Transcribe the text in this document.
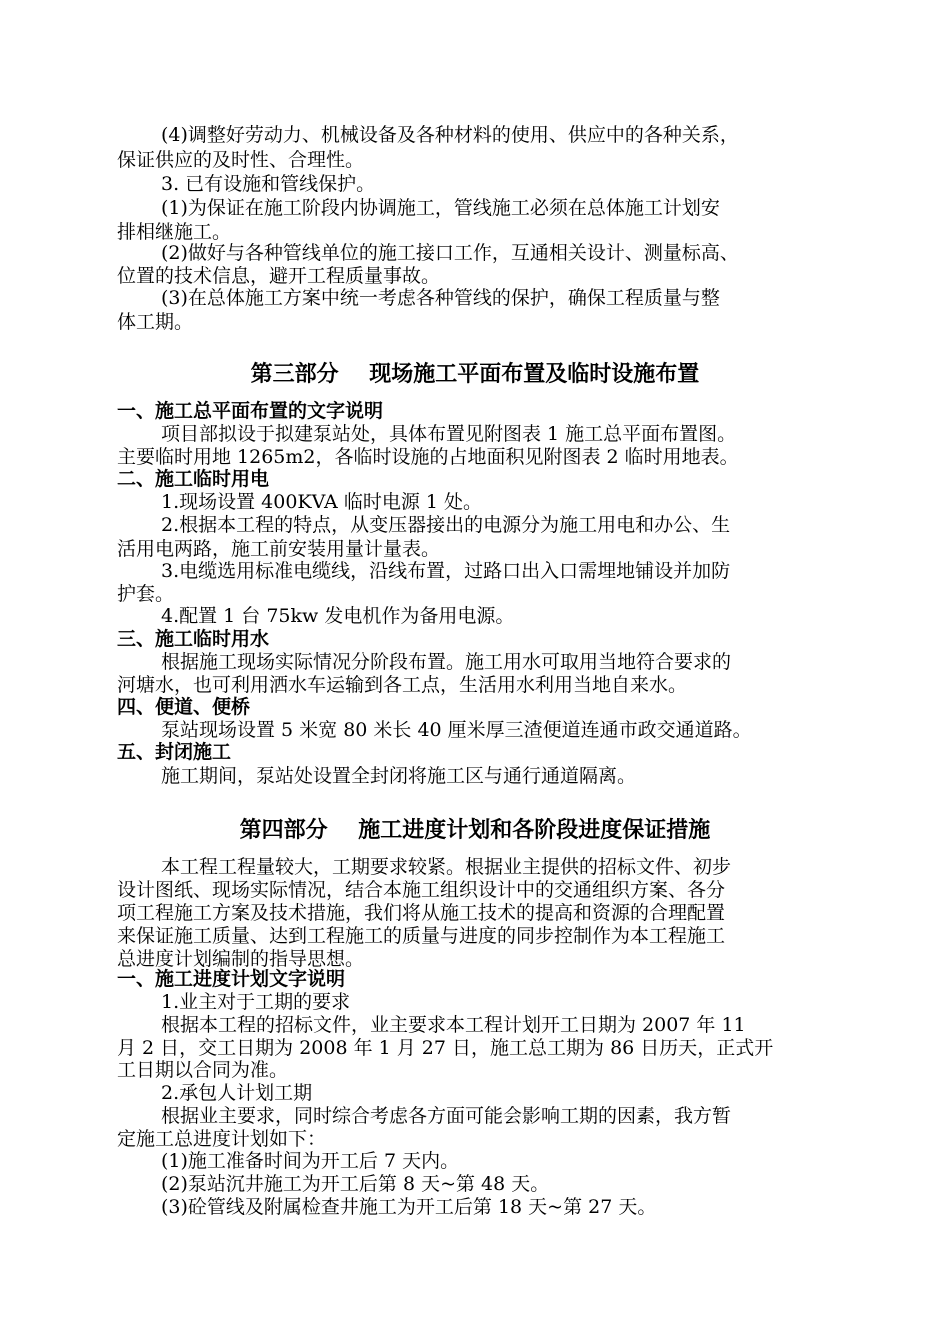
(4)调整好劳动力、机械设备及各种材料的使用、供应中的各种关系，
保证供应的及时性、合理性。
3. 已有设施和管线保护。
(1)为保证在施工阶段内协调施工，管线施工必须在总体施工计划安
排相继施工。
(2)做好与各种管线单位的施工接口工作，互通相关设计、测量标高、
位置的技术信息，避开工程质量事故。
(3)在总体施工方案中统一考虑各种管线的保护，确保工程质量与整
体工期。
第三部分    现场施工平面布置及临时设施布置
一、施工总平面布置的文字说明
项目部拟设于拟建泵站处，具体布置见附图表 1 施工总平面布置图。
主要临时用地 1265m2，各临时设施的占地面积见附图表 2 临时用地表。
二、施工临时用电
1.现场设置 400KVA 临时电源 1 处。
2.根据本工程的特点，从变压器接出的电源分为施工用电和办公、生
活用电两路，施工前安装用量计量表。
3.电缆选用标准电缆线，沿线布置，过路口出入口需埋地铺设并加防
护套。
4.配置 1 台 75kw 发电机作为备用电源。
三、施工临时用水
根据施工现场实际情况分阶段布置。施工用水可取用当地符合要求的
河塘水，也可利用洒水车运输到各工点，生活用水利用当地自来水。
四、便道、便桥
泵站现场设置 5 米宽 80 米长 40 厘米厚三渣便道连通市政交通道路。
五、封闭施工
施工期间，泵站处设置全封闭将施工区与通行通道隔离。
第四部分    施工进度计划和各阶段进度保证措施
本工程工程量较大，工期要求较紧。根据业主提供的招标文件、初步
设计图纸、现场实际情况，结合本施工组织设计中的交通组织方案、各分
项工程施工方案及技术措施，我们将从施工技术的提高和资源的合理配置
来保证施工质量、达到工程施工的质量与进度的同步控制作为本工程施工
总进度计划编制的指导思想。
一、施工进度计划文字说明
1.业主对于工期的要求
根据本工程的招标文件，业主要求本工程计划开工日期为 2007 年 11
月 2 日，交工日期为 2008 年 1 月 27 日，施工总工期为 86 日历天，正式开
工日期以合同为准。
2.承包人计划工期
根据业主要求，同时综合考虑各方面可能会影响工期的因素，我方暂
定施工总进度计划如下：
(1)施工准备时间为开工后 7 天内。
(2)泵站沉井施工为开工后第 8 天~第 48 天。
(3)砼管线及附属检查井施工为开工后第 18 天~第 27 天。
